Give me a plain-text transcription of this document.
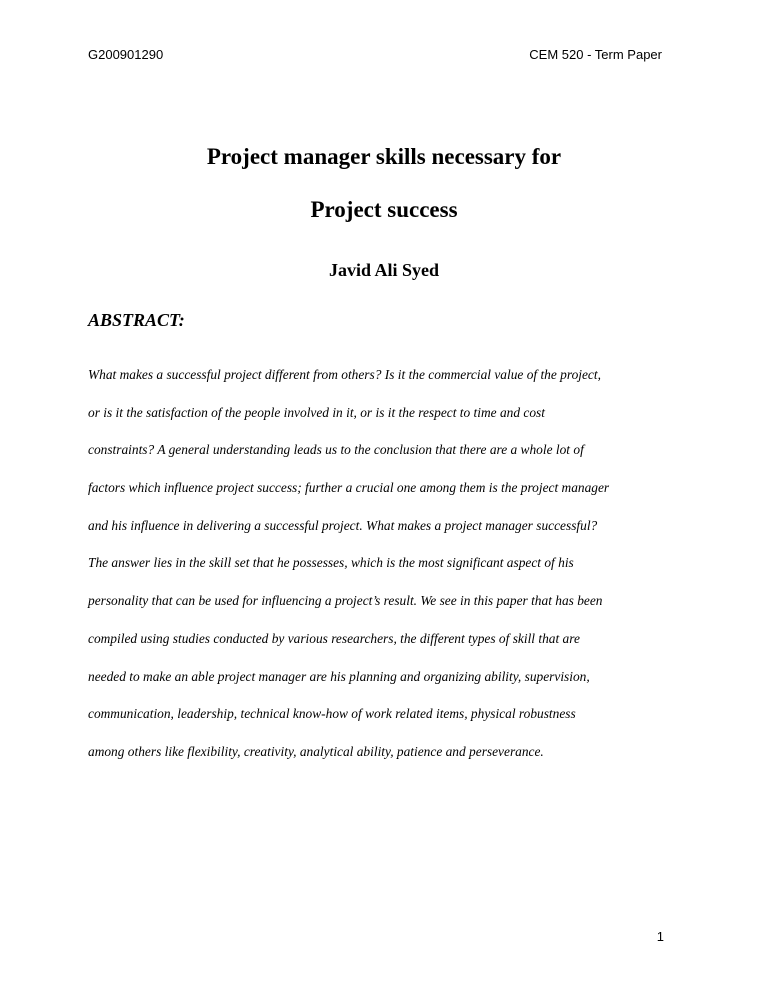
G200901290	CEM 520 - Term Paper
Project manager skills necessary for
Project success
Javid Ali Syed
ABSTRACT:
What makes a successful project different from others? Is it the commercial value of the project,
or is it the satisfaction of the people involved in it, or is it the respect to time and cost
constraints? A general understanding leads us to the conclusion that there are a whole lot of
factors which influence project success; further a crucial one among them is the project manager
and his influence in delivering a successful project. What makes a project manager successful?
The answer lies in the skill set that he possesses, which is the most significant aspect of his
personality that can be used for influencing a project’s result. We see in this paper that has been
compiled using studies conducted by various researchers, the different types of skill that are
needed to make an able project manager are his planning and organizing ability, supervision,
communication, leadership, technical know-how of work related items, physical robustness
among others like flexibility, creativity, analytical ability, patience and perseverance.
1
